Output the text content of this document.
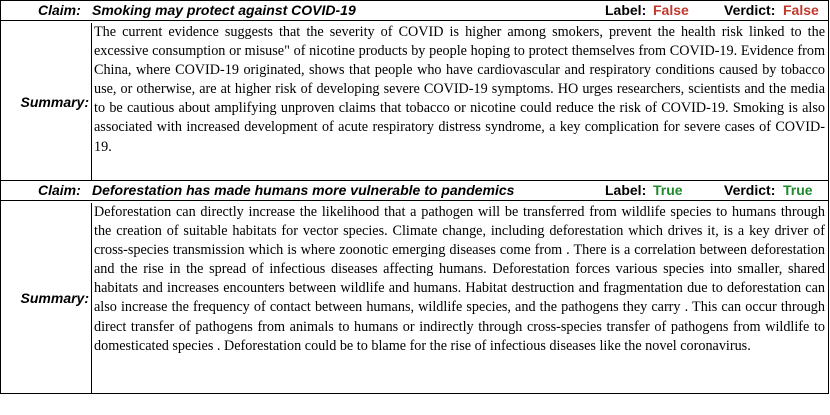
Claim: Smoking may protect against COVID-19	Label: False	Verdict: False
Summary:
The current evidence suggests that the severity of COVID is higher among smokers, prevent the health risk linked to the excessive consumption or misuse" of nicotine products by people hoping to protect themselves from COVID-19. Evidence from China, where COVID-19 originated, shows that people who have cardiovascular and respiratory conditions caused by tobacco use, or otherwise, are at higher risk of developing severe COVID-19 symptoms. HO urges researchers, scientists and the media to be cautious about amplifying unproven claims that tobacco or nicotine could reduce the risk of COVID-19. Smoking is also associated with increased development of acute respiratory distress syndrome, a key complication for severe cases of COVID-19.
Claim: Deforestation has made humans more vulnerable to pandemics	Label: True	Verdict: True
Summary:
Deforestation can directly increase the likelihood that a pathogen will be transferred from wildlife species to humans through the creation of suitable habitats for vector species. Climate change, including deforestation which drives it, is a key driver of cross-species transmission which is where zoonotic emerging diseases come from . There is a correlation between deforestation and the rise in the spread of infectious diseases affecting humans. Deforestation forces various species into smaller, shared habitats and increases encounters between wildlife and humans. Habitat destruction and fragmentation due to deforestation can also increase the frequency of contact between humans, wildlife species, and the pathogens they carry . This can occur through direct transfer of pathogens from animals to humans or indirectly through cross-species transfer of pathogens from wildlife to domesticated species . Deforestation could be to blame for the rise of infectious diseases like the novel coronavirus.
